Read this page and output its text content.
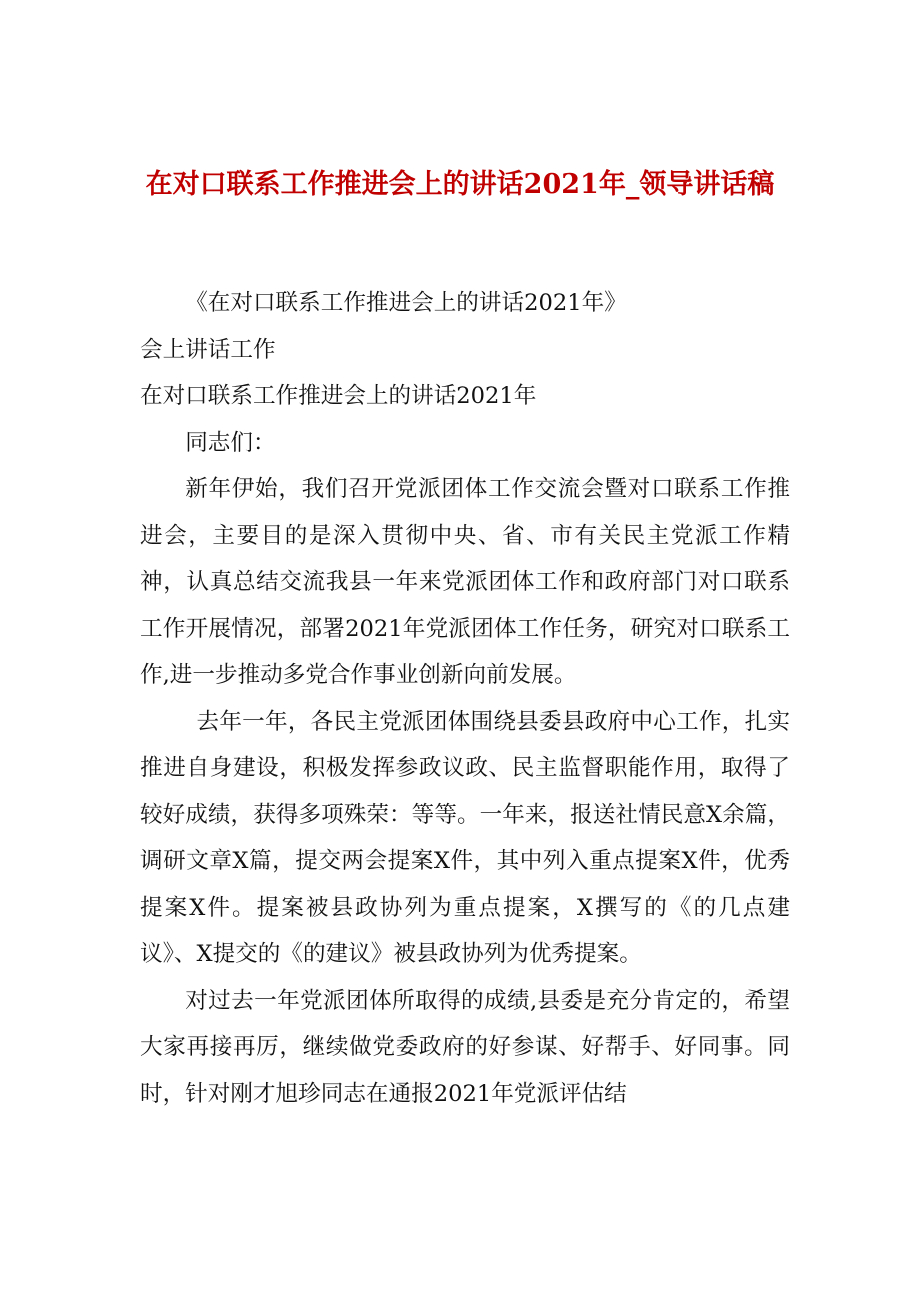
在对口联系工作推进会上的讲话2021年_领导讲话稿

《在对口联系工作推进会上的讲话2021年》

会上讲话工作

在对口联系工作推进会上的讲话2021年

同志们：

新年伊始，我们召开党派团体工作交流会暨对口联系工作推进会，主要目的是深入贯彻中央、省、市有关民主党派工作精神，认真总结交流我县一年来党派团体工作和政府部门对口联系工作开展情况，部署2021年党派团体工作任务，研究对口联系工作,进一步推动多党合作事业创新向前发展。

去年一年，各民主党派团体围绕县委县政府中心工作，扎实推进自身建设，积极发挥参政议政、民主监督职能作用，取得了较好成绩，获得多项殊荣：等等。一年来，报送社情民意X余篇，调研文章X篇，提交两会提案X件，其中列入重点提案X件，优秀提案X件。提案被县政协列为重点提案，X撰写的《的几点建议》、X提交的《的建议》被县政协列为优秀提案。

对过去一年党派团体所取得的成绩,县委是充分肯定的，希望大家再接再厉，继续做党委政府的好参谋、好帮手、好同事。同时，针对刚才旭珍同志在通报2021年党派评估结
